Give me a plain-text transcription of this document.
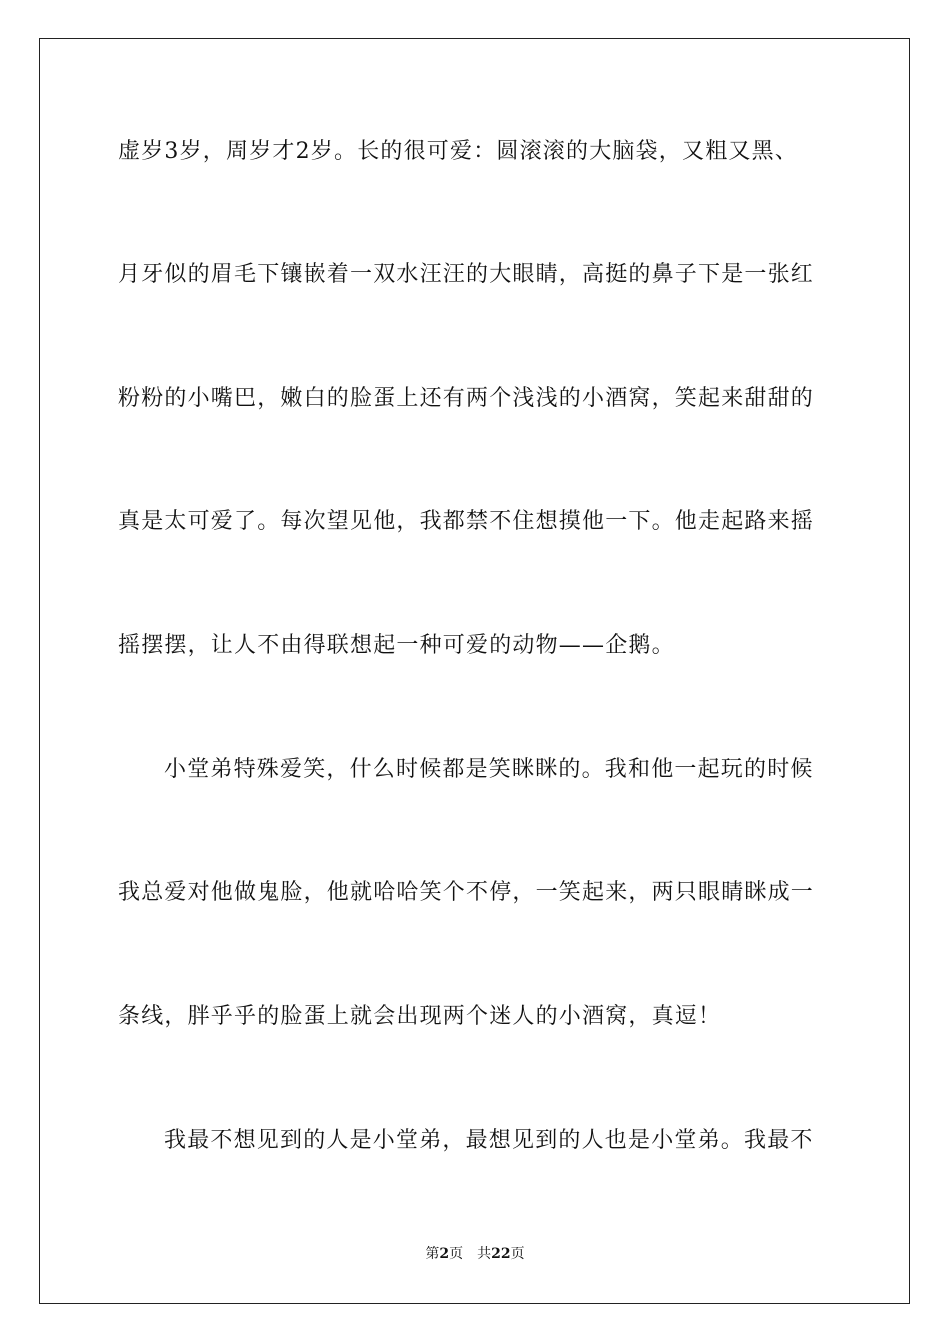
虚岁3岁，周岁才2岁。长的很可爱：圆滚滚的大脑袋，又粗又黑、
月牙似的眉毛下镶嵌着一双水汪汪的大眼睛，高挺的鼻子下是一张红
粉粉的小嘴巴，嫩白的脸蛋上还有两个浅浅的小酒窝，笑起来甜甜的
真是太可爱了。每次望见他，我都禁不住想摸他一下。他走起路来摇
摇摆摆，让人不由得联想起一种可爱的动物——企鹅。
小堂弟特殊爱笑，什么时候都是笑眯眯的。我和他一起玩的时候
我总爱对他做鬼脸，他就哈哈笑个不停，一笑起来，两只眼睛眯成一
条线，胖乎乎的脸蛋上就会出现两个迷人的小酒窝，真逗！
我最不想见到的人是小堂弟，最想见到的人也是小堂弟。我最不
第2页 共22页
